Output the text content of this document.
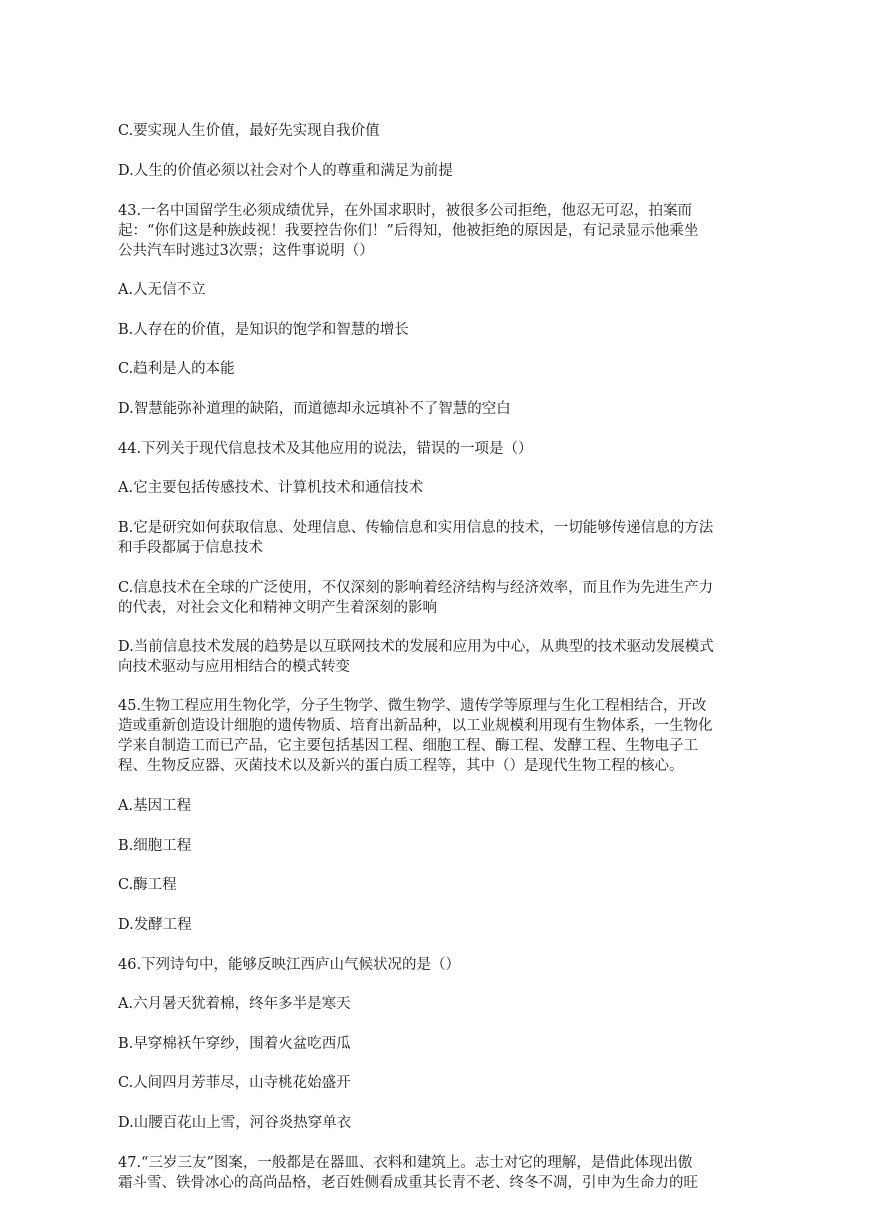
C.要实现人生价值，最好先实现自我价值
D.人生的价值必须以社会对个人的尊重和满足为前提
43.一名中国留学生必须成绩优异，在外国求职时，被很多公司拒绝，他忍无可忍，拍案而
起：“你们这是种族歧视！我要控告你们！”后得知，他被拒绝的原因是，有记录显示他乘坐
公共汽车时逃过3次票；这件事说明（）
A.人无信不立
B.人存在的价值，是知识的饱学和智慧的增长
C.趋利是人的本能
D.智慧能弥补道理的缺陷，而道德却永远填补不了智慧的空白
44.下列关于现代信息技术及其他应用的说法，错误的一项是（）
A.它主要包括传感技术、计算机技术和通信技术
B.它是研究如何获取信息、处理信息、传输信息和实用信息的技术，一切能够传递信息的方法
和手段都属于信息技术
C.信息技术在全球的广泛使用，不仅深刻的影响着经济结构与经济效率，而且作为先进生产力
的代表，对社会文化和精神文明产生着深刻的影响
D.当前信息技术发展的趋势是以互联网技术的发展和应用为中心，从典型的技术驱动发展模式
向技术驱动与应用相结合的模式转变
45.生物工程应用生物化学，分子生物学、微生物学、遗传学等原理与生化工程相结合，开改
造或重新创造设计细胞的遗传物质、培育出新品种，以工业规模利用现有生物体系，一生物化
学来自制造工而已产品，它主要包括基因工程、细胞工程、酶工程、发酵工程、生物电子工
程、生物反应器、灭菌技术以及新兴的蛋白质工程等，其中（）是现代生物工程的核心。
A.基因工程
B.细胞工程
C.酶工程
D.发酵工程
46.下列诗句中，能够反映江西庐山气候状况的是（）
A.六月暑天犹着棉，终年多半是寒天
B.早穿棉袄午穿纱，围着火盆吃西瓜
C.人间四月芳菲尽，山寺桃花始盛开
D.山腰百花山上雪，河谷炎热穿单衣
47.“三岁三友”图案，一般都是在器皿、衣料和建筑上。志士对它的理解，是借此体现出傲
霜斗雪、铁骨冰心的高尚品格，老百姓侧看成重其长青不老、终冬不凋，引申为生命力的旺
